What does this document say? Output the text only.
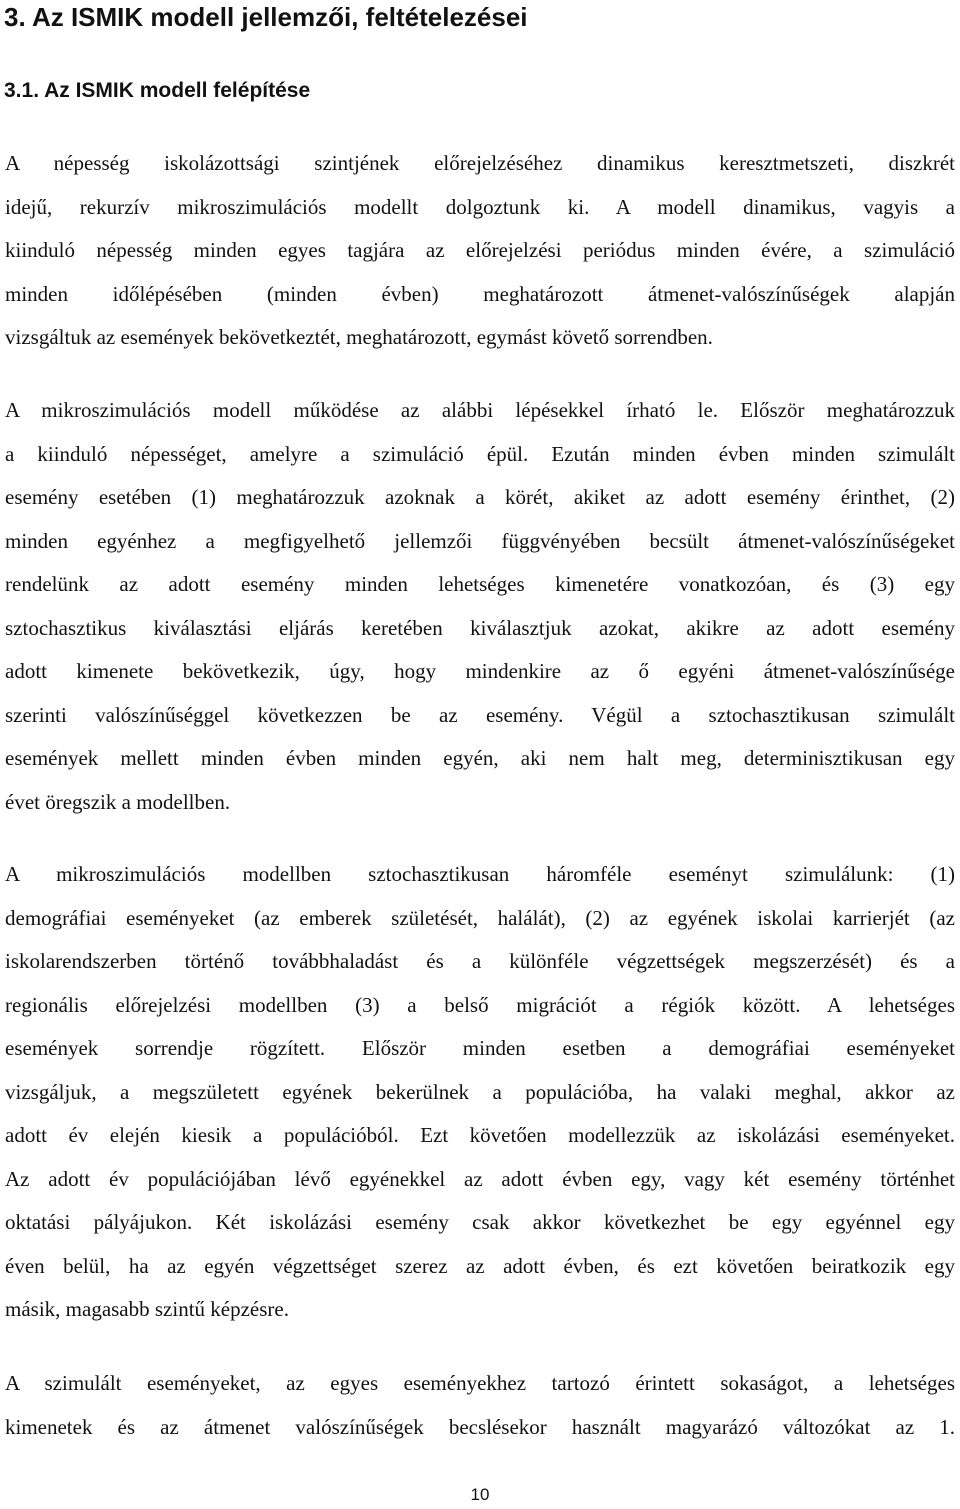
3. Az ISMIK modell jellemzői, feltételezései
3.1. Az ISMIK modell felépítése
A népesség iskolázottsági szintjének előrejelzéséhez dinamikus keresztmetszeti, diszkrét
idejű, rekurzív mikroszimulációs modellt dolgoztunk ki. A modell dinamikus, vagyis a
kiinduló népesség minden egyes tagjára az előrejelzési periódus minden évére, a szimuláció
minden időlépésében (minden évben) meghatározott átmenet-valószínűségek alapján
vizsgáltuk az események bekövetkeztét, meghatározott, egymást követő sorrendben.
A mikroszimulációs modell működése az alábbi lépésekkel írható le. Először meghatározzuk
a kiinduló népességet, amelyre a szimuláció épül. Ezután minden évben minden szimulált
esemény esetében (1) meghatározzuk azoknak a körét, akiket az adott esemény érinthet, (2)
minden egyénhez a megfigyelhető jellemzői függvényében becsült átmenet-valószínűségeket
rendelünk az adott esemény minden lehetséges kimenetére vonatkozóan, és (3) egy
sztochasztikus kiválasztási eljárás keretében kiválasztjuk azokat, akikre az adott esemény
adott kimenete bekövetkezik, úgy, hogy mindenkire az ő egyéni átmenet-valószínűsége
szerinti valószínűséggel következzen be az esemény. Végül a sztochasztikusan szimulált
események mellett minden évben minden egyén, aki nem halt meg, determinisztikusan egy
évet öregszik a modellben.
A mikroszimulációs modellben sztochasztikusan háromféle eseményt szimulálunk: (1)
demográfiai eseményeket (az emberek születését, halálát), (2) az egyének iskolai karrierjét (az
iskolarendszerben történő továbbhaladást és a különféle végzettségek megszerzését) és a
regionális előrejelzési modellben (3) a belső migrációt a régiók között. A lehetséges
események sorrendje rögzített. Először minden esetben a demográfiai eseményeket
vizsgáljuk, a megszületett egyének bekerülnek a populációba, ha valaki meghal, akkor az
adott év elején kiesik a populációból. Ezt követően modellezzük az iskolázási eseményeket.
Az adott év populációjában lévő egyénekkel az adott évben egy, vagy két esemény történhet
oktatási pályájukon. Két iskolázási esemény csak akkor következhet be egy egyénnel egy
éven belül, ha az egyén végzettséget szerez az adott évben, és ezt követően beiratkozik egy
másik, magasabb szintű képzésre.
A szimulált eseményeket, az egyes eseményekhez tartozó érintett sokaságot, a lehetséges
kimenetek és az átmenet valószínűségek becslésekor használt magyarázó változókat az 1.
10
